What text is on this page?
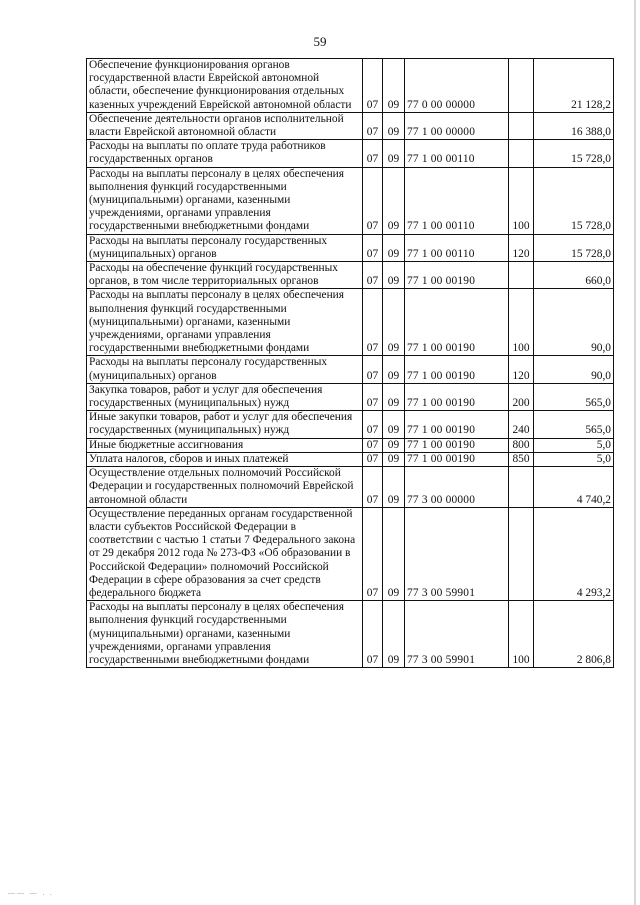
59
Обеспечение функционирования органов государственной власти Еврейской автономной области, обеспечение функционирования отдельных казенных учреждений Еврейской автономной области	07	09	77 0 00 00000		21 128,2
Обеспечение деятельности органов исполнительной власти Еврейской автономной области	07	09	77 1 00 00000		16 388,0
Расходы на выплаты по оплате труда работников государственных органов	07	09	77 1 00 00110		15 728,0
Расходы на выплаты персоналу в целях обеспечения выполнения функций государственными (муниципальными) органами, казенными учреждениями, органами управления государственными внебюджетными фондами	07	09	77 1 00 00110	100	15 728,0
Расходы на выплаты персоналу государственных (муниципальных) органов	07	09	77 1 00 00110	120	15 728,0
Расходы на обеспечение функций государственных органов, в том числе территориальных органов	07	09	77 1 00 00190		660,0
Расходы на выплаты персоналу в целях обеспечения выполнения функций государственными (муниципальными) органами, казенными учреждениями, органами управления государственными внебюджетными фондами	07	09	77 1 00 00190	100	90,0
Расходы на выплаты персоналу государственных (муниципальных) органов	07	09	77 1 00 00190	120	90,0
Закупка товаров, работ и услуг для обеспечения государственных (муниципальных) нужд	07	09	77 1 00 00190	200	565,0
Иные закупки товаров, работ и услуг для обеспечения государственных (муниципальных) нужд	07	09	77 1 00 00190	240	565,0
Иные бюджетные ассигнования	07	09	77 1 00 00190	800	5,0
Уплата налогов, сборов и иных платежей	07	09	77 1 00 00190	850	5,0
Осуществление отдельных полномочий Российской Федерации и государственных полномочий Еврейской автономной области	07	09	77 3 00 00000		4 740,2
Осуществление переданных органам государственной власти субъектов Российской Федерации в соответствии с частью 1 статьи 7 Федерального закона от 29 декабря 2012 года № 273-ФЗ «Об образовании в Российской Федерации» полномочий Российской Федерации в сфере образования за счет средств федерального бюджета	07	09	77 3 00 59901		4 293,2
Расходы на выплаты персоналу в целях обеспечения выполнения функций государственными (муниципальными) органами, казенными учреждениями, органами управления государственными внебюджетными фондами	07	09	77 3 00 59901	100	2 806,8
—— — . .
